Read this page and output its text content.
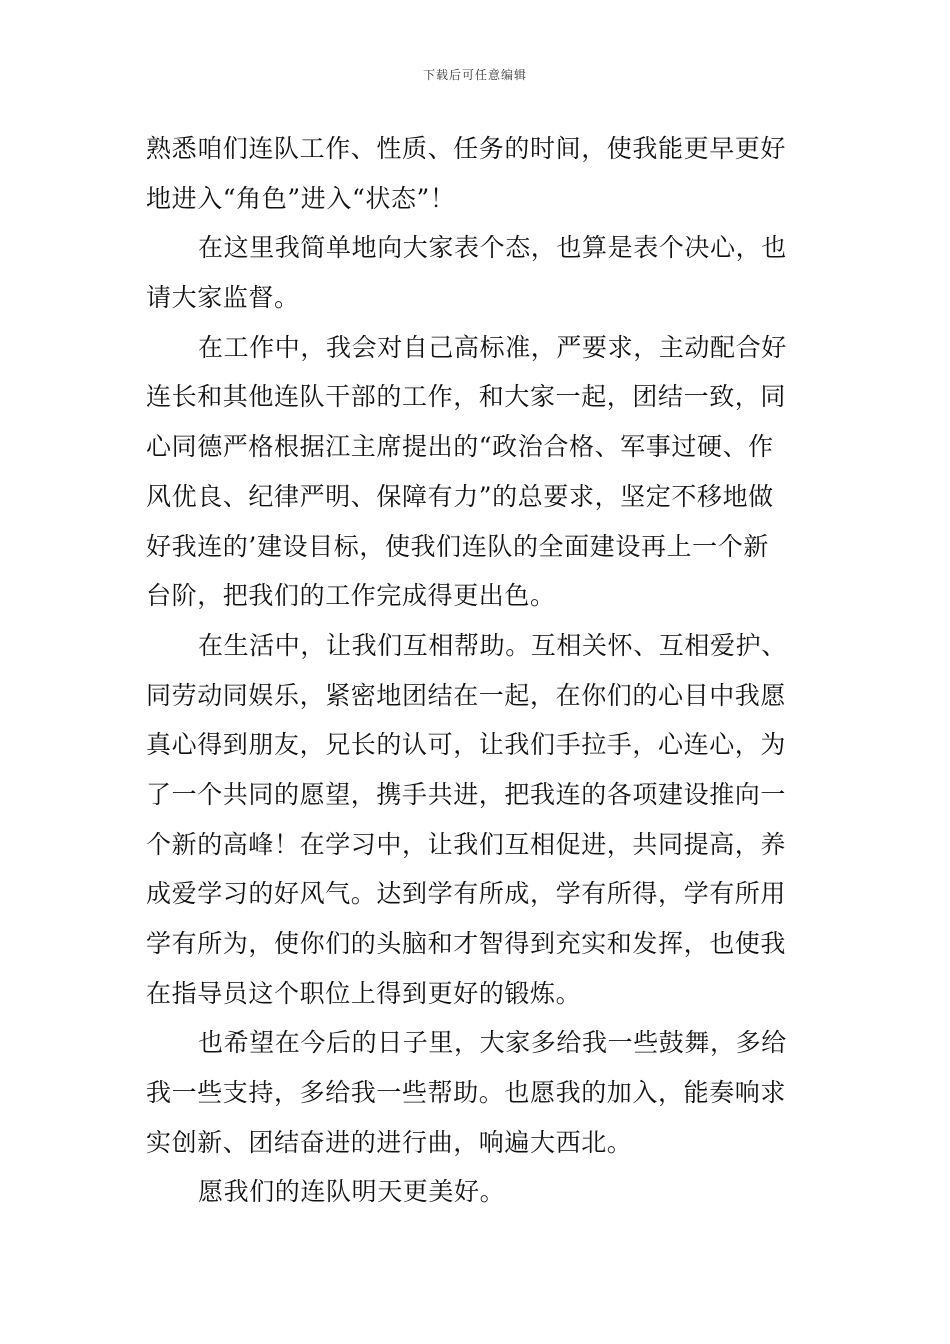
下载后可任意编辑
熟悉咱们连队工作、性质、任务的时间，使我能更早更好
地进入“角色”进入“状态”！
在这里我简单地向大家表个态，也算是表个决心，也
请大家监督。
在工作中，我会对自己高标准，严要求，主动配合好
连长和其他连队干部的工作，和大家一起，团结一致，同
心同德严格根据江主席提出的“政治合格、军事过硬、作
风优良、纪律严明、保障有力”的总要求，坚定不移地做
好我连的’建设目标，使我们连队的全面建设再上一个新
台阶，把我们的工作完成得更出色。
在生活中，让我们互相帮助。互相关怀、互相爱护、
同劳动同娱乐，紧密地团结在一起，在你们的心目中我愿
真心得到朋友，兄长的认可，让我们手拉手，心连心，为
了一个共同的愿望，携手共进，把我连的各项建设推向一
个新的高峰！在学习中，让我们互相促进，共同提高，养
成爱学习的好风气。达到学有所成，学有所得，学有所用
学有所为，使你们的头脑和才智得到充实和发挥，也使我
在指导员这个职位上得到更好的锻炼。
也希望在今后的日子里，大家多给我一些鼓舞，多给
我一些支持，多给我一些帮助。也愿我的加入，能奏响求
实创新、团结奋进的进行曲，响遍大西北。
愿我们的连队明天更美好。
